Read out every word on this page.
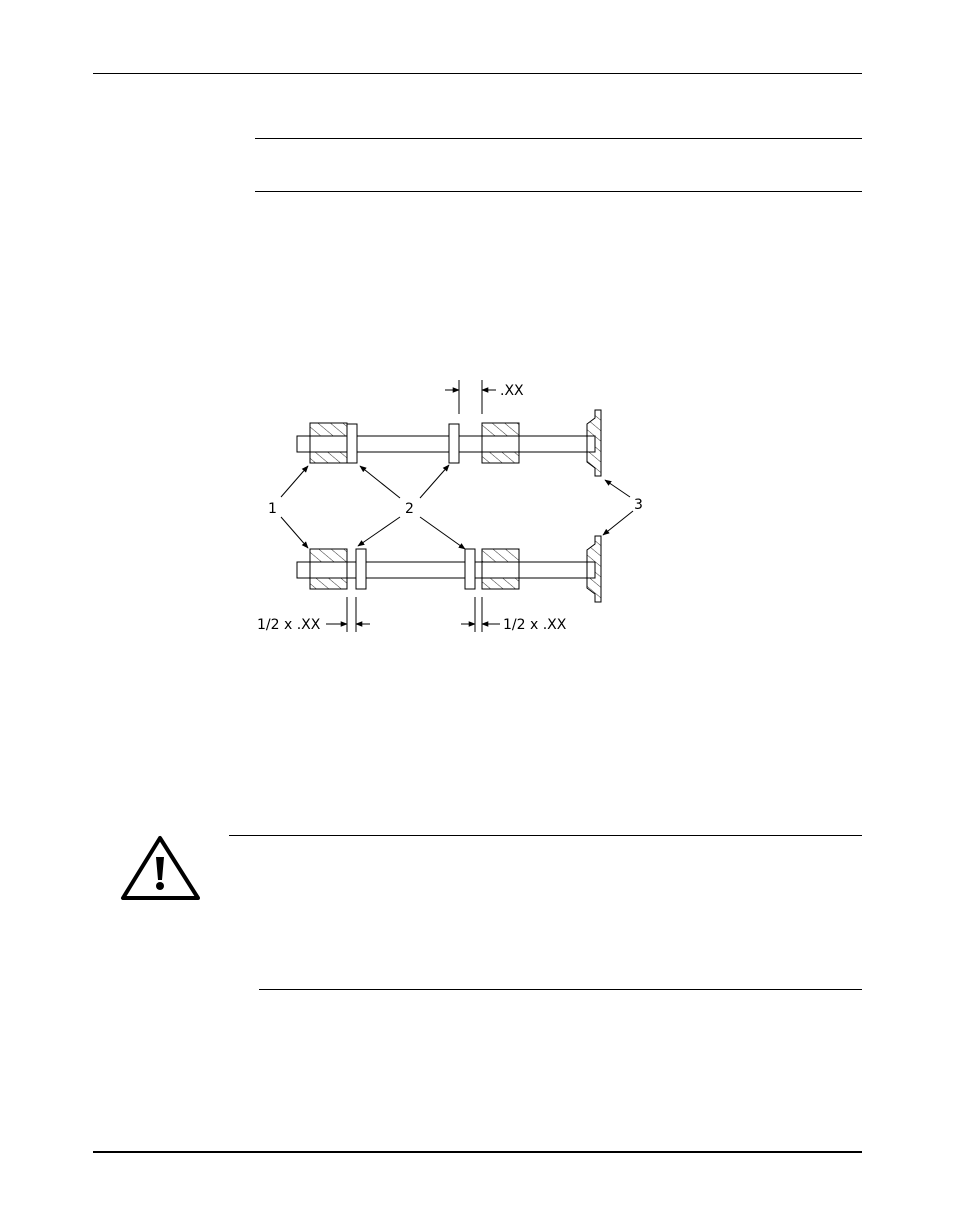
1	2	3
.XX
1/2 x .XX	1/2 x .XX
